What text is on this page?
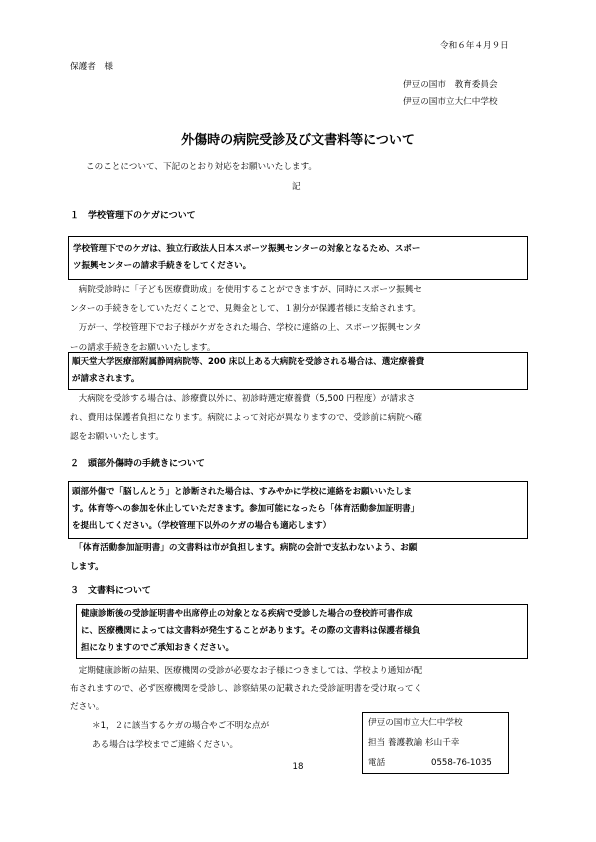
令和６年４月９日
保護者　様
伊豆の国市　教育委員会
伊豆の国市立大仁中学校
外傷時の病院受診及び文書料等について
このことについて、下記のとおり対応をお願いいたします。
記
１　学校管理下のケガについて
学校管理下でのケガは、独立行政法人日本スポーツ振興センターの対象となるため、スポー
ツ振興センターの請求手続きをしてください。
　病院受診時に「子ども医療費助成」を使用することができますが、同時にスポーツ振興セ
ンターの手続きをしていただくことで、見舞金として、１割分が保護者様に支給されます。
　万が一、学校管理下でお子様がケガをされた場合、学校に連絡の上、スポーツ振興センタ
ーの請求手続きをお願いいたします。
順天堂大学医療部附属静岡病院等、200 床以上ある大病院を受診される場合は、選定療養費
が請求されます。
　大病院を受診する場合は、診療費以外に、初診時選定療養費（5,500 円程度）が請求さ
れ、費用は保護者負担になります。病院によって対応が異なりますので、受診前に病院へ確
認をお願いいたします。
２　頭部外傷時の手続きについて
頭部外傷で「脳しんとう」と診断された場合は、すみやかに学校に連絡をお願いいたしま
す。体育等への参加を休止していただきます。参加可能になったら「体育活動参加証明書」
を提出してください。（学校管理下以外のケガの場合も適応します）
　「体育活動参加証明書」の文書料は市が負担します。病院の会計で支払わないよう、お願
します。
３　文書料について
健康診断後の受診証明書や出席停止の対象となる疾病で受診した場合の登校許可書作成
に、医療機関によっては文書料が発生することがあります。その際の文書料は保護者様負
担になりますのでご承知おきください。
　定期健康診断の結果、医療機関の受診が必要なお子様につきましては、学校より通知が配
布されますので、必ず医療機関を受診し、診察結果の記載された受診証明書を受け取ってく
ださい。
＊1，２に該当するケガの場合やご不明な点が
ある場合は学校までご連絡ください。
伊豆の国市立大仁中学校
担当 養護教諭 杉山千幸
電話	0558-76-1035
18
